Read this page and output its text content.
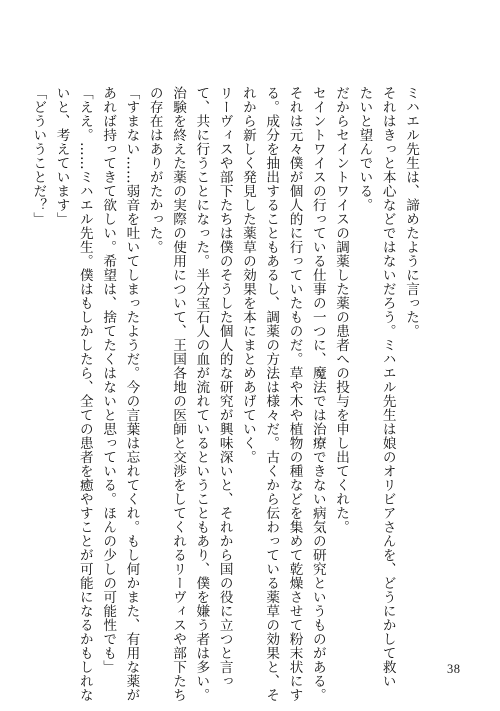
ミハエル先生は、諦めたように言った。
それはきっと本心などではないだろう。ミハエル先生は娘のオリビアさんを、どうにかして救い
たいと望んでいる。
だからセイントワイスの調薬した薬の患者への投与を申し出てくれた。
セイントワイスの行っている仕事の一つに、魔法では治療できない病気の研究というものがある。
それは元々僕が個人的に行っていたものだ。草や木や植物の種などを集めて乾燥させて粉末状にす
る。成分を抽出することもあるし、調薬の方法は様々だ。古くから伝わっている薬草の効果と、そ
れから新しく発見した薬草の効果を本にまとめあげていく。
リーヴィスや部下たちは僕のそうした個人的な研究が興味深いと、それから国の役に立つと言っ
て、共に行うことになった。半分宝石人の血が流れているということもあり、僕を嫌う者は多い。
治験を終えた薬の実際の使用について、王国各地の医師と交渉をしてくれるリーヴィスや部下たち
の存在はありがたかった。
「すまない……弱音を吐いてしまったようだ。今の言葉は忘れてくれ。もし何かまた、有用な薬が
あれば持ってきて欲しい。希望は、捨てたくはないと思っている。ほんの少しの可能性でも」
「ええ。……ミハエル先生。僕はもしかしたら、全ての患者を癒やすことが可能になるかもしれな
いと、考えています」
「どういうことだ？」
38
